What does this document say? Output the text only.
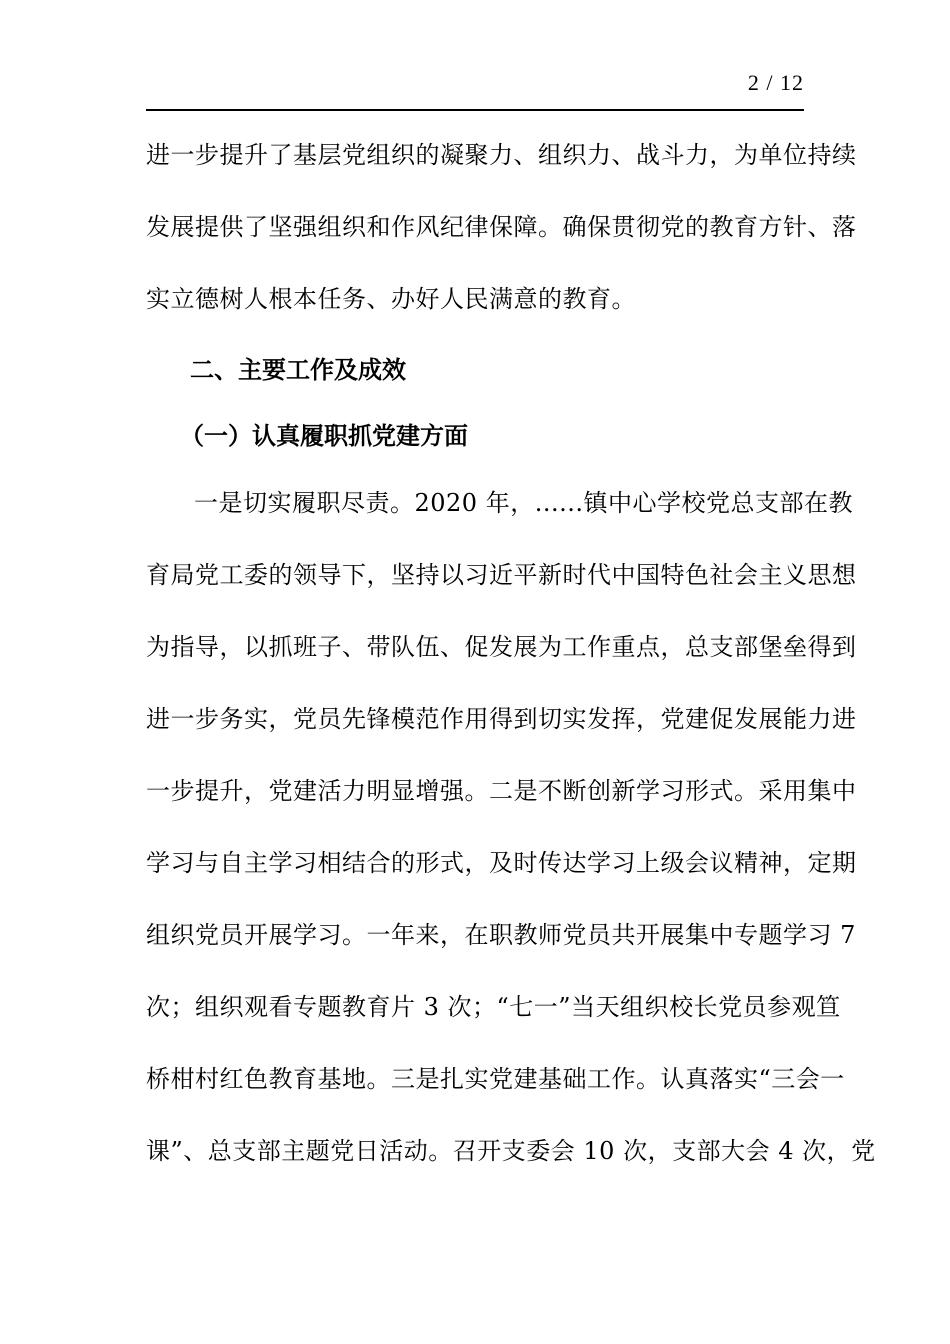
2 / 12
进一步提升了基层党组织的凝聚力、组织力、战斗力，为单位持续
发展提供了坚强组织和作风纪律保障。确保贯彻党的教育方针、落
实立德树人根本任务、办好人民满意的教育。
二、主要工作及成效
（一）认真履职抓党建方面
一是切实履职尽责。2020 年，......镇中心学校党总支部在教
育局党工委的领导下，坚持以习近平新时代中国特色社会主义思想
为指导，以抓班子、带队伍、促发展为工作重点，总支部堡垒得到
进一步务实，党员先锋模范作用得到切实发挥，党建促发展能力进
一步提升，党建活力明显增强。二是不断创新学习形式。采用集中
学习与自主学习相结合的形式，及时传达学习上级会议精神，定期
组织党员开展学习。一年来，在职教师党员共开展集中专题学习 7
次；组织观看专题教育片 3 次；“七一”当天组织校长党员参观笪
桥柑村红色教育基地。三是扎实党建基础工作。认真落实“三会一
课”、总支部主题党日活动。召开支委会 10 次，支部大会 4 次，党
